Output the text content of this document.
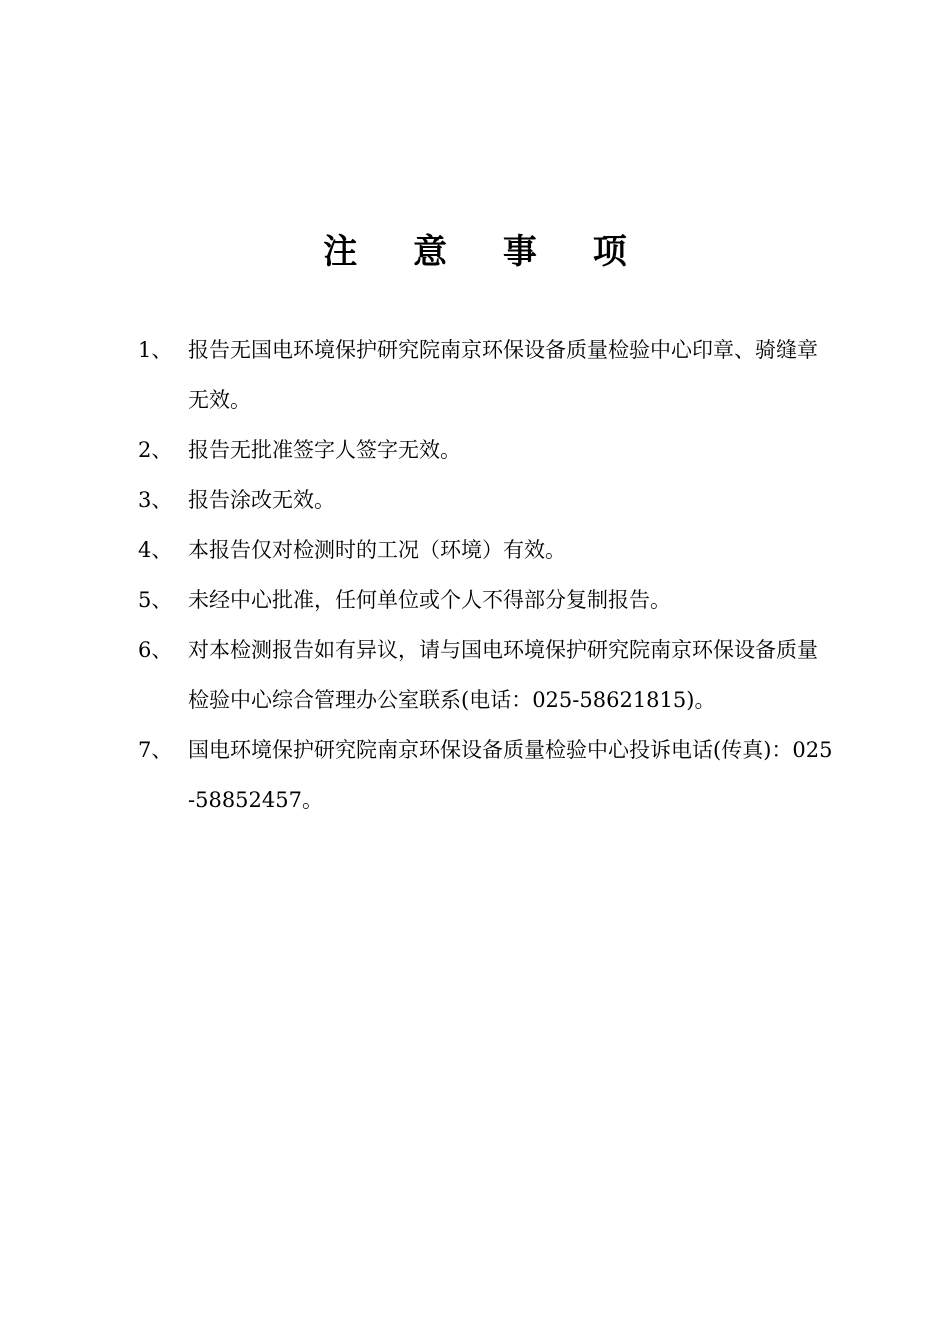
注 意 事 项
1、 报告无国电环境保护研究院南京环保设备质量检验中心印章、骑缝章无效。
2、 报告无批准签字人签字无效。
3、 报告涂改无效。
4、 本报告仅对检测时的工况（环境）有效。
5、 未经中心批准，任何单位或个人不得部分复制报告。
6、 对本检测报告如有异议，请与国电环境保护研究院南京环保设备质量检验中心综合管理办公室联系(电话：025-58621815)。
7、 国电环境保护研究院南京环保设备质量检验中心投诉电话(传真)：025-58852457。
